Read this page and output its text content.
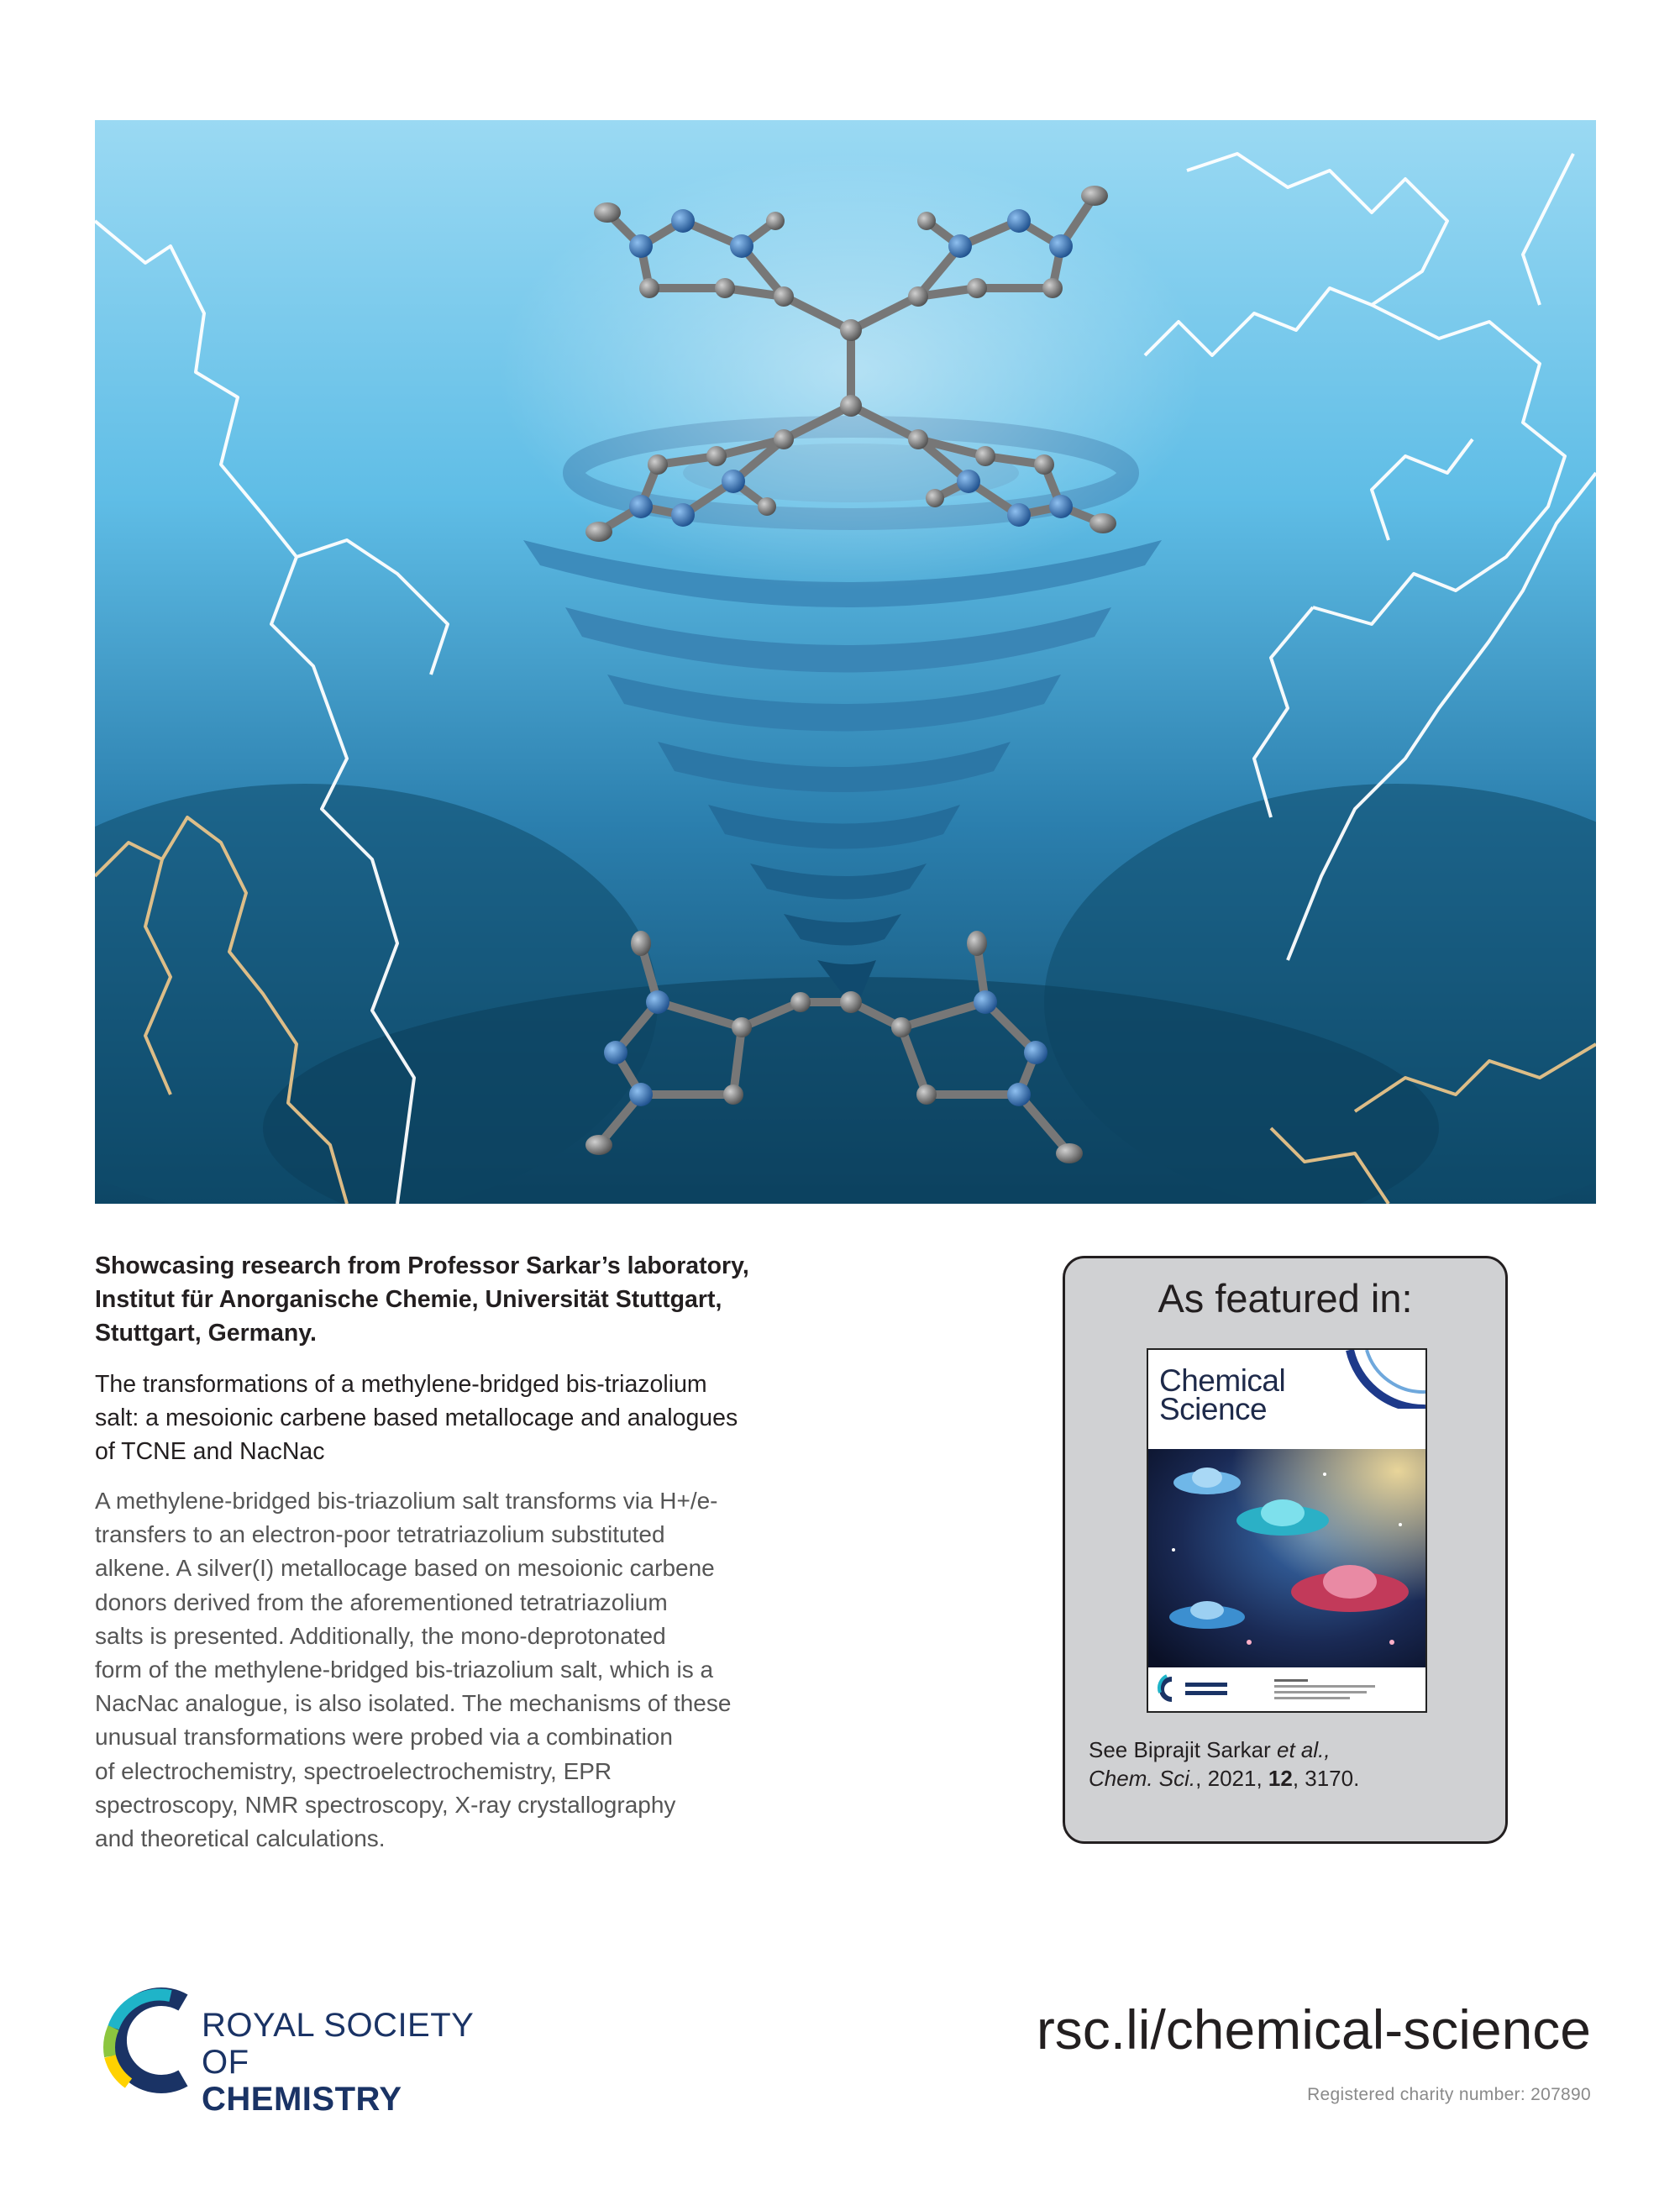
Showcasing research from Professor Sarkar’s laboratory,
Institut für Anorganische Chemie, Universität Stuttgart,
Stuttgart, Germany.
The transformations of a methylene-bridged bis-triazolium
salt: a mesoionic carbene based metallocage and analogues
of TCNE and NacNac
A methylene-bridged bis-triazolium salt transforms via H+/e-
transfers to an electron-poor tetratriazolium substituted
alkene. A silver(I) metallocage based on mesoionic carbene
donors derived from the aforementioned tetratriazolium
salts is presented. Additionally, the mono-deprotonated
form of the methylene-bridged bis-triazolium salt, which is a
NacNac analogue, is also isolated. The mechanisms of these
unusual transformations were probed via a combination
of electrochemistry, spectroelectrochemistry, EPR
spectroscopy, NMR spectroscopy, X-ray crystallography
and theoretical calculations.
As featured in:
Chemical
Science
See Biprajit Sarkar et al.,
Chem. Sci., 2021, 12, 3170.
ROYAL SOCIETY
OF
CHEMISTRY
rsc.li/chemical-science
Registered charity number: 207890
